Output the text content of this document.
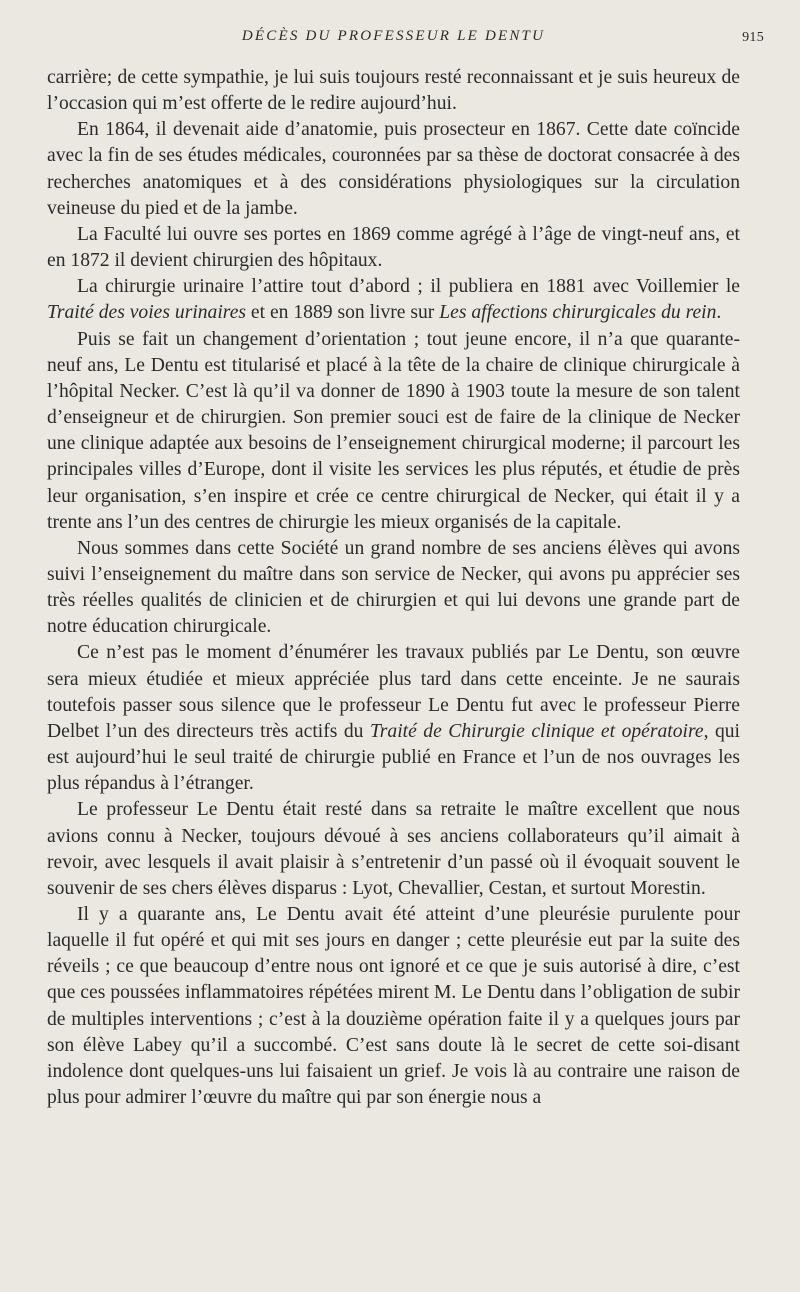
DÉCÈS DU PROFESSEUR LE DENTU	915

carrière; de cette sympathie, je lui suis toujours resté reconnaissant et je suis heureux de l’occasion qui m’est offerte de le redire aujourd’hui.

En 1864, il devenait aide d’anatomie, puis prosecteur en 1867. Cette date coïncide avec la fin de ses études médicales, couronnées par sa thèse de doctorat consacrée à des recherches anatomiques et à des considérations physiologiques sur la circulation veineuse du pied et de la jambe.

La Faculté lui ouvre ses portes en 1869 comme agrégé à l’âge de vingt-neuf ans, et en 1872 il devient chirurgien des hôpitaux.

La chirurgie urinaire l’attire tout d’abord ; il publiera en 1881 avec Voillemier le Traité des voies urinaires et en 1889 son livre sur Les affections chirurgicales du rein.

Puis se fait un changement d’orientation ; tout jeune encore, il n’a que quarante-neuf ans, Le Dentu est titularisé et placé à la tête de la chaire de clinique chirurgicale à l’hôpital Necker. C’est là qu’il va donner de 1890 à 1903 toute la mesure de son talent d’enseigneur et de chirurgien. Son premier souci est de faire de la clinique de Necker une clinique adaptée aux besoins de l’enseignement chirurgical moderne; il parcourt les principales villes d’Europe, dont il visite les services les plus réputés, et étudie de près leur organisation, s’en inspire et crée ce centre chirurgical de Necker, qui était il y a trente ans l’un des centres de chirurgie les mieux organisés de la capitale.

Nous sommes dans cette Société un grand nombre de ses anciens élèves qui avons suivi l’enseignement du maître dans son service de Necker, qui avons pu apprécier ses très réelles qualités de clinicien et de chirurgien et qui lui devons une grande part de notre éducation chirurgicale.

Ce n’est pas le moment d’énumérer les travaux publiés par Le Dentu, son œuvre sera mieux étudiée et mieux appréciée plus tard dans cette enceinte. Je ne saurais toutefois passer sous silence que le professeur Le Dentu fut avec le professeur Pierre Delbet l’un des directeurs très actifs du Traité de Chirurgie clinique et opératoire, qui est aujourd’hui le seul traité de chirurgie publié en France et l’un de nos ouvrages les plus répandus à l’étranger.

Le professeur Le Dentu était resté dans sa retraite le maître excellent que nous avions connu à Necker, toujours dévoué à ses anciens collaborateurs qu’il aimait à revoir, avec lesquels il avait plaisir à s’entretenir d’un passé où il évoquait souvent le souvenir de ses chers élèves disparus : Lyot, Chevallier, Cestan, et surtout Morestin.

Il y a quarante ans, Le Dentu avait été atteint d’une pleurésie purulente pour laquelle il fut opéré et qui mit ses jours en danger ; cette pleurésie eut par la suite des réveils ; ce que beaucoup d’entre nous ont ignoré et ce que je suis autorisé à dire, c’est que ces poussées inflammatoires répétées mirent M. Le Dentu dans l’obligation de subir de multiples interventions ; c’est à la douzième opération faite il y a quelques jours par son élève Labey qu’il a succombé. C’est sans doute là le secret de cette soi-disant indolence dont quelques-uns lui faisaient un grief. Je vois là au contraire une raison de plus pour admirer l’œuvre du maître qui par son énergie nous a
